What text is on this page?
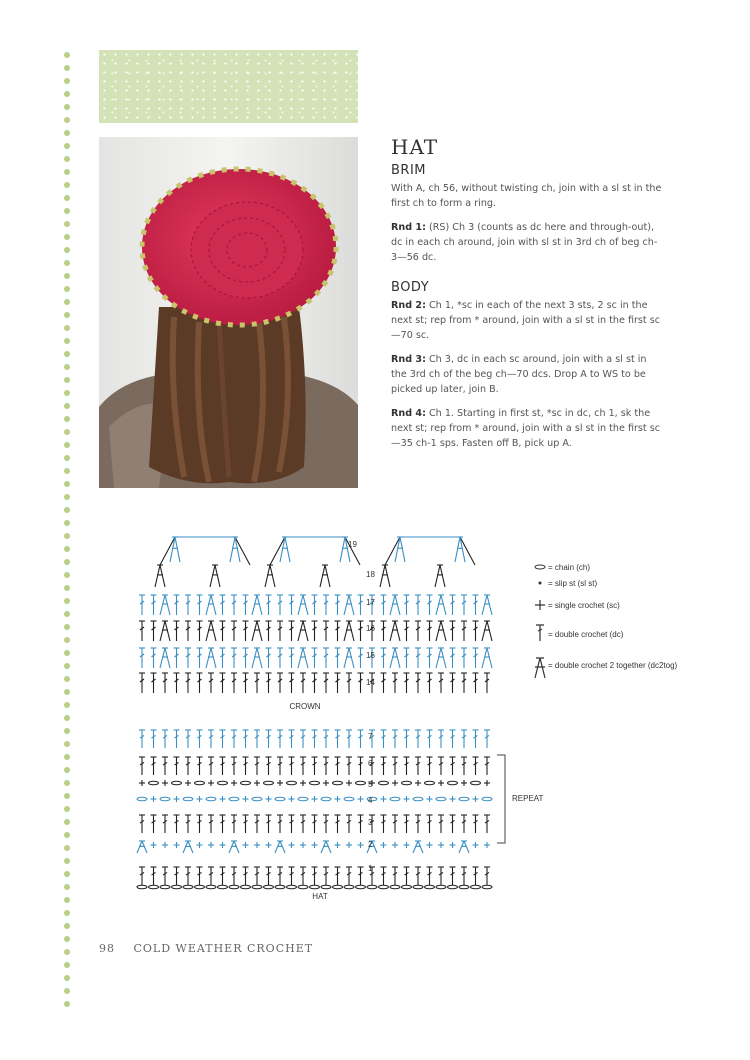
HAT
BRIM

With A, ch 56, without twisting ch, join with a sl st in the first ch to form a ring.

Rnd 1: (RS) Ch 3 (counts as dc here and through-out), dc in each ch around, join with sl st in 3rd ch of beg ch-3—56 dc.

BODY

Rnd 2: Ch 1, *sc in each of the next 3 sts, 2 sc in the next st; rep from * around, join with a sl st in the first sc—70 sc.

Rnd 3: Ch 3, dc in each sc around, join with a sl st in the 3rd ch of the beg ch—70 dcs. Drop A to WS to be picked up later, join B.

Rnd 4: Ch 1. Starting in first st, *sc in dc, ch 1, sk the next st; rep from * around, join with a sl st in the first sc—35 ch-1 sps. Fasten off B, pick up A.

19
18
17
16
15
14
7
6
5
4
3
2
1
CROWN
HAT
REPEAT
= chain (ch)
= slip st (sl st)
= single crochet (sc)
= double crochet (dc)
= double crochet 2 together (dc2tog)
98 COLD WEATHER CROCHET
